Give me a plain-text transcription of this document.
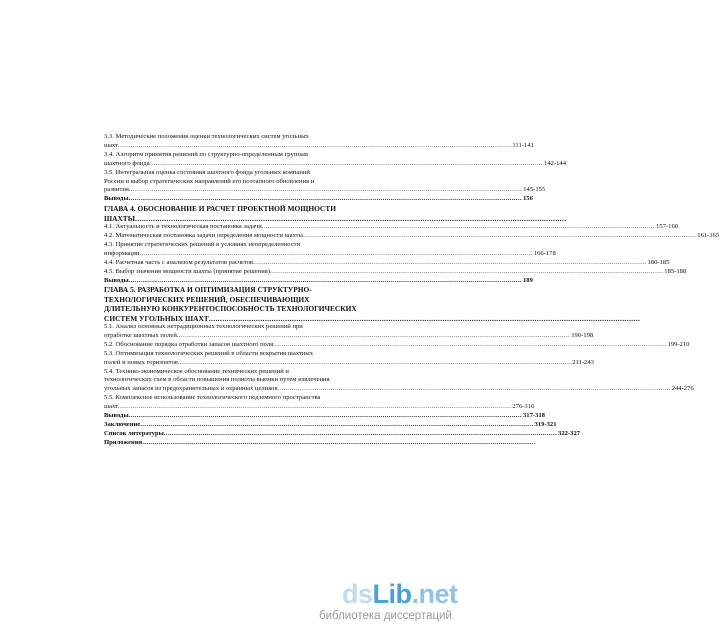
3.3. Методические положения оценки технологических систем угольных
шахт .....	111-141
3.4. Алгоритм принятия решений по структурно-определенным группам
шахтного фонда .....	142-144
3.5. Интегральная оценка состояния шахтного фонда угольных компаний
России и выбор стратегических направлений его поэтапного обновления и
развития .....	145-155
Выводы .....	156
ГЛАВА 4. ОБОСНОВАНИЕ И РАСЧЕТ ПРОЕКТНОЙ МОЩНОСТИ
ШАХТЫ
.....
4.1. Актуальность и технологическая постановка задачи .....	157-160
4.2. Математическая постановка задачи определения мощности шахты .....	161-165
4.3. Принятие стратегических решений в условиях неопределенности
информации .....	166-178
4.4. Расчетная часть с анализом результатов расчетов .....	180-185
4.5. Выбор значения мощности шахты (принятие решения) .....	185-188
Выводы .....	189
ГЛАВА 5. РАЗРАБОТКА И ОПТИМИЗАЦИЯ СТРУКТУРНО-
ТЕХНОЛОГИЧЕСКИХ РЕШЕНИЙ, ОБЕСПЕЧИВАЮЩИХ
ДЛИТЕЛЬНУЮ КОНКУРЕНТОСПОСОБНОСТЬ ТЕХНОЛОГИЧЕСКИХ
СИСТЕМ УГОЛЬНЫХ ШАХТ
.....
5.1. Анализ основных нетрадиционных технологических решений при
отработке шахтных полей .....	190-198
5.2. Обоснование порядка отработки запасов шахтного поля .....	199-210
5.3. Оптимизация технологических решений в области вскрытия шахтных
полей и новых горизонтов .....	211-243
5.4. Технико-экономическое обоснование технических решений и
технологических схем в области повышения полноты выемки путем извлечения
угольных запасов из предохранительных и охранных целиков .....	244-276
5.5. Комплексное использование технологического подземного пространства
шахт .....	276-316
Выводы .....	317-318
Заключение .....	319-321
Список литературы .....	322-327
Приложения
.....
ds Lib .net
библиотека диссертаций
